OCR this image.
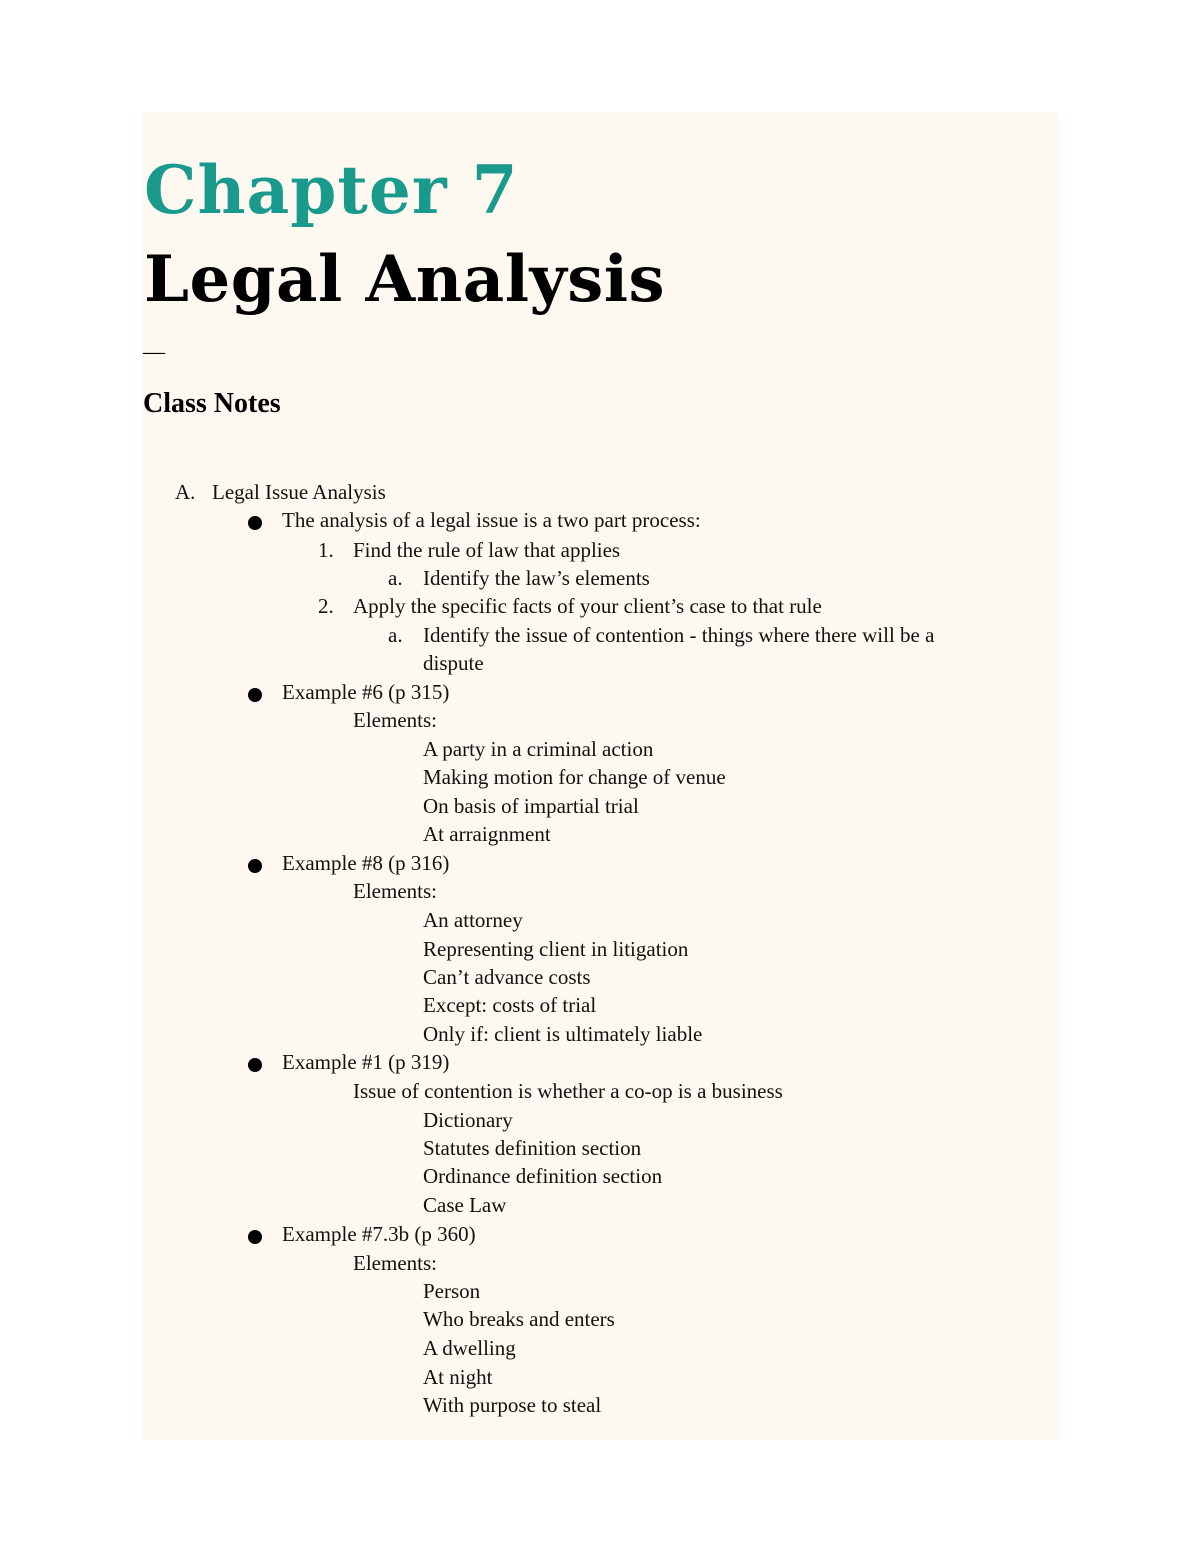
Chapter 7
Legal Analysis
__
Class Notes
A. Legal Issue Analysis
The analysis of a legal issue is a two part process:
1. Find the rule of law that applies
a. Identify the law’s elements
2. Apply the specific facts of your client’s case to that rule
a. Identify the issue of contention - things where there will be a
dispute
Example #6 (p 315)
Elements:
A party in a criminal action
Making motion for change of venue
On basis of impartial trial
At arraignment
Example #8 (p 316)
Elements:
An attorney
Representing client in litigation
Can’t advance costs
Except: costs of trial
Only if: client is ultimately liable
Example #1 (p 319)
Issue of contention is whether a co-op is a business
Dictionary
Statutes definition section
Ordinance definition section
Case Law
Example #7.3b (p 360)
Elements:
Person
Who breaks and enters
A dwelling
At night
With purpose to steal
